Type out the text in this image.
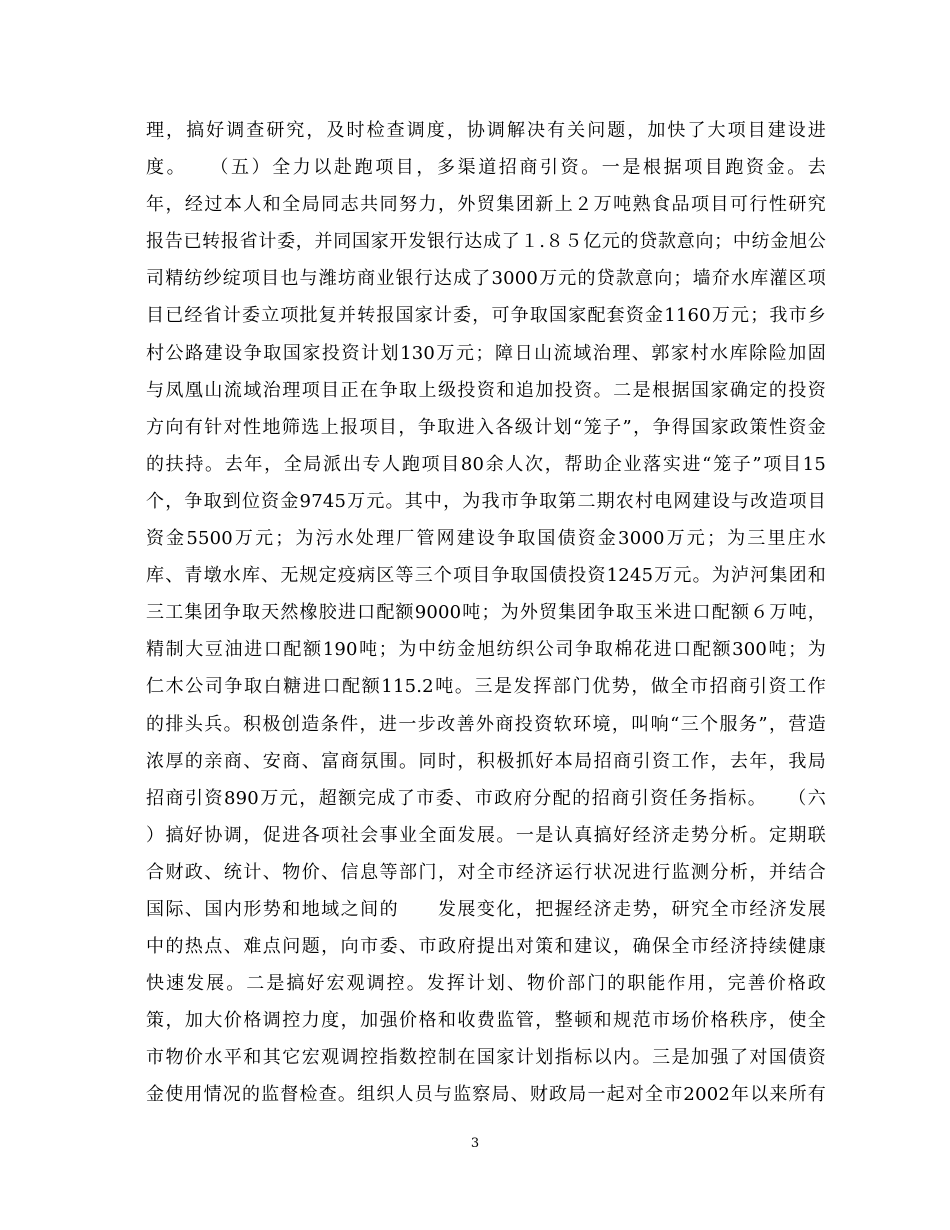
理，搞好调查研究，及时检查调度，协调解决有关问题，加快了大项目建设进
度。　　（五）全力以赴跑项目，多渠道招商引资。一是根据项目跑资金。去
年，经过本人和全局同志共同努力，外贸集团新上２万吨熟食品项目可行性研究
报告已转报省计委，并同国家开发银行达成了１.８５亿元的贷款意向；中纺金旭公
司精纺纱绽项目也与潍坊商业银行达成了3000万元的贷款意向；墙夼水库灌区项
目已经省计委立项批复并转报国家计委，可争取国家配套资金1160万元；我市乡
村公路建设争取国家投资计划130万元；障日山流域治理、郭家村水库除险加固
与凤凰山流域治理项目正在争取上级投资和追加投资。二是根据国家确定的投资
方向有针对性地筛选上报项目，争取进入各级计划“笼子”，争得国家政策性资金
的扶持。去年，全局派出专人跑项目80余人次，帮助企业落实进“笼子”项目15
个，争取到位资金9745万元。其中，为我市争取第二期农村电网建设与改造项目
资金5500万元；为污水处理厂管网建设争取国债资金3000万元；为三里庄水
库、青墩水库、无规定疫病区等三个项目争取国债投资1245万元。为泸河集团和
三工集团争取天然橡胶进口配额9000吨；为外贸集团争取玉米进口配额６万吨，
精制大豆油进口配额190吨；为中纺金旭纺织公司争取棉花进口配额300吨；为
仁木公司争取白糖进口配额115.2吨。三是发挥部门优势，做全市招商引资工作
的排头兵。积极创造条件，进一步改善外商投资软环境，叫响“三个服务”，营造
浓厚的亲商、安商、富商氛围。同时，积极抓好本局招商引资工作，去年，我局
招商引资890万元，超额完成了市委、市政府分配的招商引资任务指标。　　（六
）搞好协调，促进各项社会事业全面发展。一是认真搞好经济走势分析。定期联
合财政、统计、物价、信息等部门，对全市经济运行状况进行监测分析，并结合
国际、国内形势和地域之间的　　发展变化，把握经济走势，研究全市经济发展
中的热点、难点问题，向市委、市政府提出对策和建议，确保全市经济持续健康
快速发展。二是搞好宏观调控。发挥计划、物价部门的职能作用，完善价格政
策，加大价格调控力度，加强价格和收费监管，整顿和规范市场价格秩序，使全
市物价水平和其它宏观调控指数控制在国家计划指标以内。三是加强了对国债资
金使用情况的监督检查。组织人员与监察局、财政局一起对全市2002年以来所有
3
